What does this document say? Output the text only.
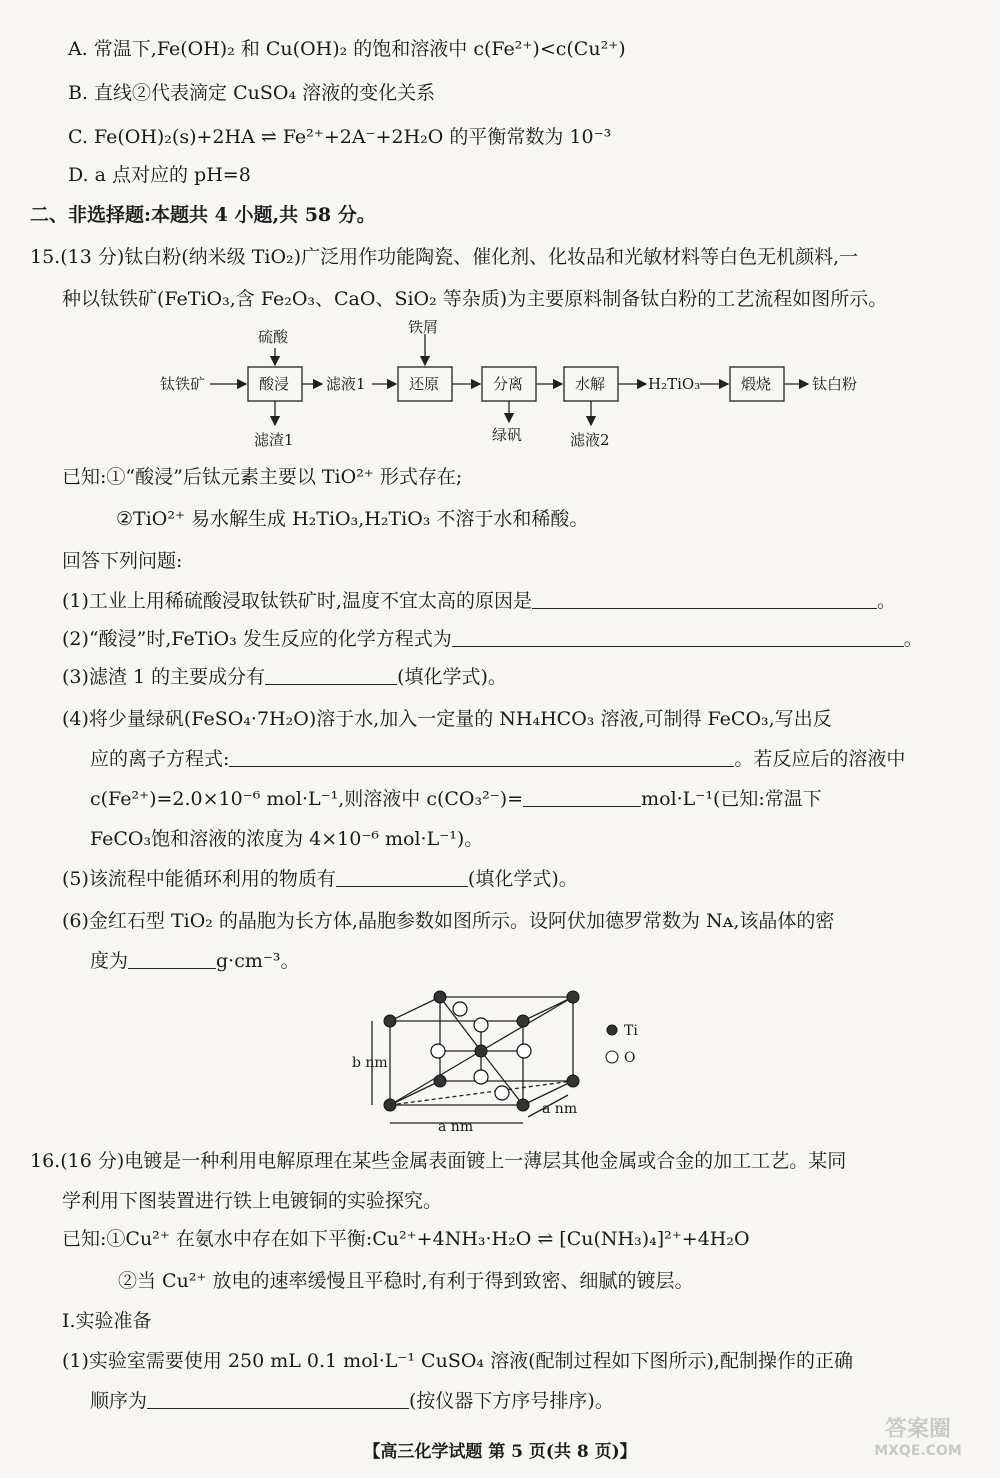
A. 常温下,Fe(OH)₂ 和 Cu(OH)₂ 的饱和溶液中 c(Fe²⁺)<c(Cu²⁺)
B. 直线②代表滴定 CuSO₄ 溶液的变化关系
C. Fe(OH)₂(s)+2HA ⇌ Fe²⁺+2A⁻+2H₂O 的平衡常数为 10⁻³
D. a 点对应的 pH=8
二、非选择题:本题共 4 小题,共 58 分。
15.(13 分)钛白粉(纳米级 TiO₂)广泛用作功能陶瓷、催化剂、化妆品和光敏材料等白色无机颜料,一
种以钛铁矿(FeTiO₃,含 Fe₂O₃、CaO、SiO₂ 等杂质)为主要原料制备钛白粉的工艺流程如图所示。
钛铁矿
硫酸
酸浸 滤液1
滤渣1
铁屑
还原	分离
绿矾
水解
滤液2
H₂TiO₃	煅烧	钛白粉
已知:①“酸浸”后钛元素主要以 TiO²⁺ 形式存在;
②TiO²⁺ 易水解生成 H₂TiO₃,H₂TiO₃ 不溶于水和稀酸。
回答下列问题:
(1)工业上用稀硫酸浸取钛铁矿时,温度不宜太高的原因是	。
(2)“酸浸”时,FeTiO₃ 发生反应的化学方程式为	。
(3)滤渣 1 的主要成分有	(填化学式)。
(4)将少量绿矾(FeSO₄·7H₂O)溶于水,加入一定量的 NH₄HCO₃ 溶液,可制得 FeCO₃,写出反
应的离子方程式:	。若反应后的溶液中
c(Fe²⁺)=2.0×10⁻⁶ mol·L⁻¹,则溶液中 c(CO₃²⁻)=	mol·L⁻¹(已知:常温下
FeCO₃饱和溶液的浓度为 4×10⁻⁶ mol·L⁻¹)。
(5)该流程中能循环利用的物质有	(填化学式)。
(6)金红石型 TiO₂ 的晶胞为长方体,晶胞参数如图所示。设阿伏加德罗常数为 Nᴀ,该晶体的密
度为	g·cm⁻³。
Ti
O
b nm
a nm
a nm
16.(16 分)电镀是一种利用电解原理在某些金属表面镀上一薄层其他金属或合金的加工工艺。某同
学利用下图装置进行铁上电镀铜的实验探究。
已知:①Cu²⁺ 在氨水中存在如下平衡:Cu²⁺+4NH₃·H₂O ⇌ [Cu(NH₃)₄]²⁺+4H₂O
②当 Cu²⁺ 放电的速率缓慢且平稳时,有利于得到致密、细腻的镀层。
Ⅰ.实验准备
(1)实验室需要使用 250 mL 0.1 mol·L⁻¹ CuSO₄ 溶液(配制过程如下图所示),配制操作的正确
顺序为	(按仪器下方序号排序)。
【高三化学试题 第 5 页(共 8 页)】
答案圈
MXQE.COM
